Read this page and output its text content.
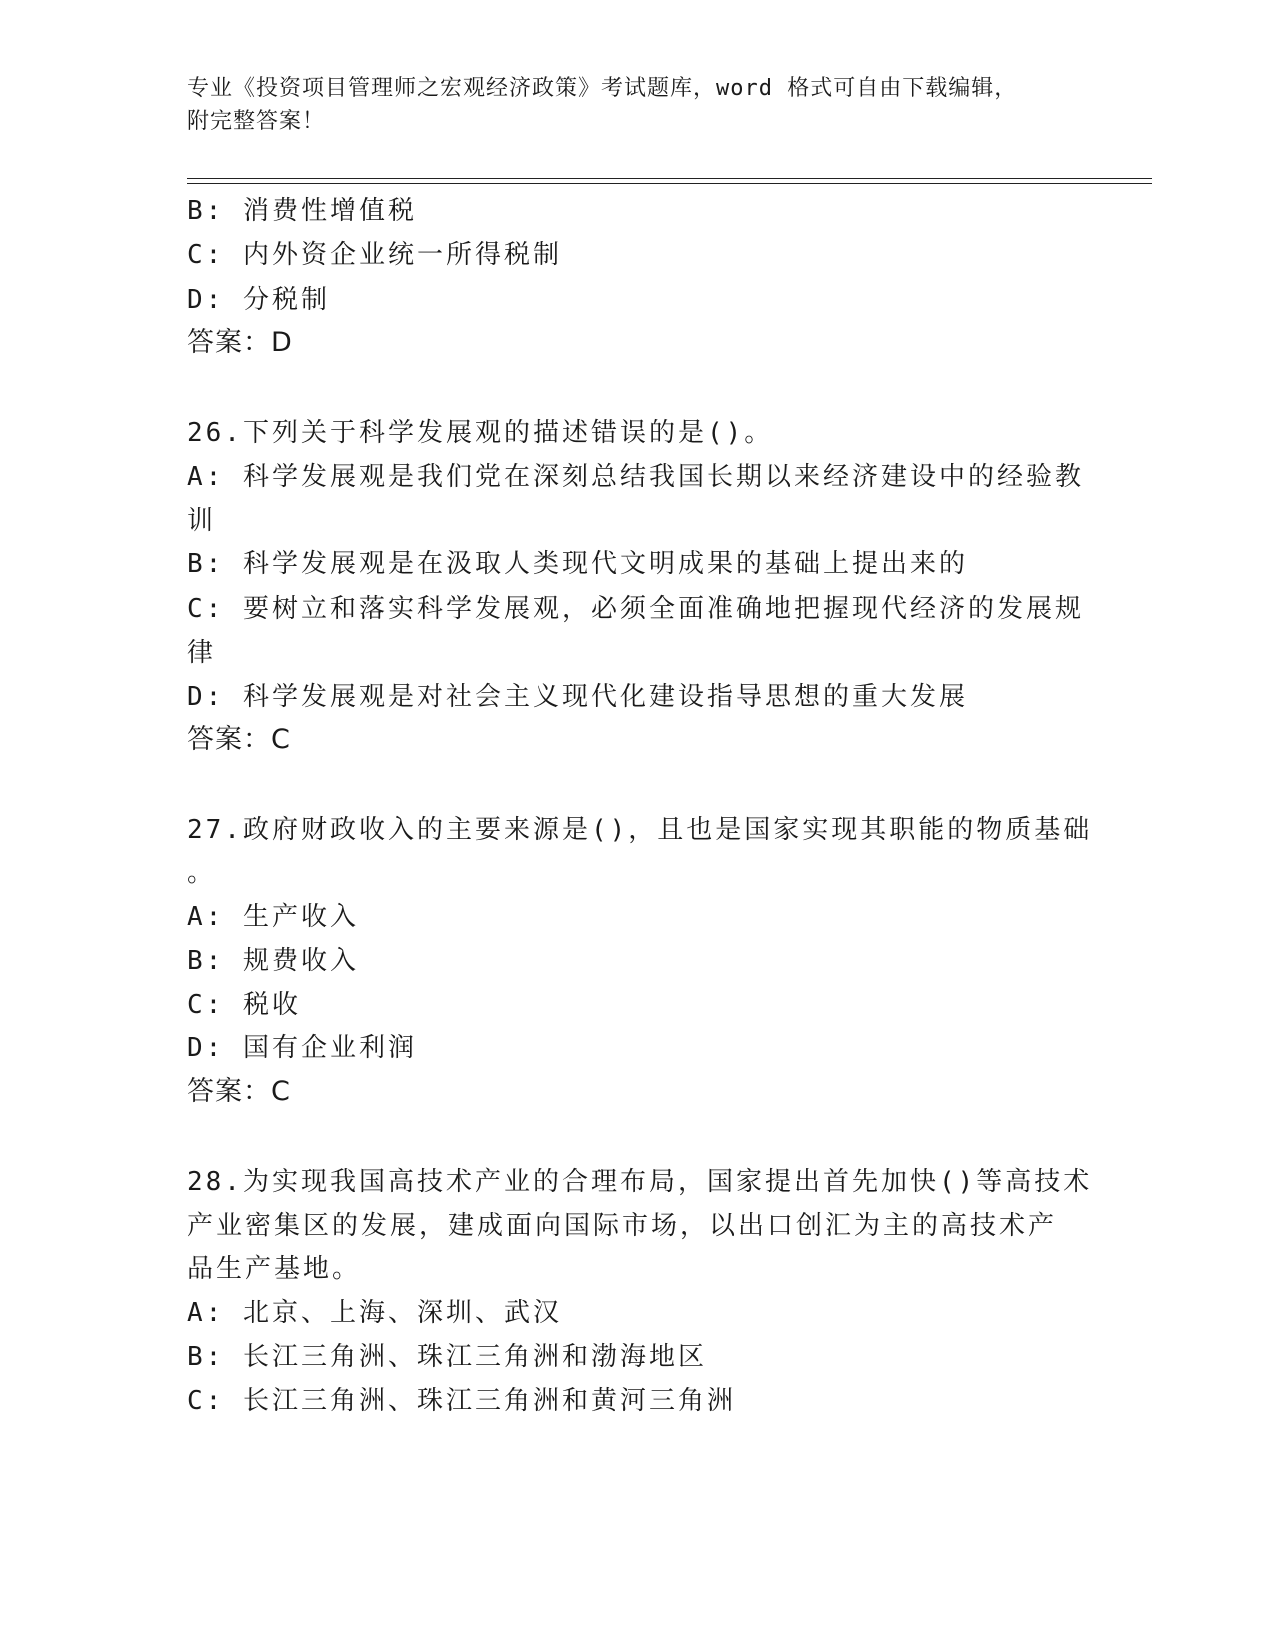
专业《投资项目管理师之宏观经济政策》考试题库，word 格式可自由下载编辑，
附完整答案！
B: 消费性增值税
C: 内外资企业统一所得税制
D: 分税制
答案：D
26.下列关于科学发展观的描述错误的是()。
A: 科学发展观是我们党在深刻总结我国长期以来经济建设中的经验教
训
B: 科学发展观是在汲取人类现代文明成果的基础上提出来的
C: 要树立和落实科学发展观，必须全面准确地把握现代经济的发展规
律
D: 科学发展观是对社会主义现代化建设指导思想的重大发展
答案：C
27.政府财政收入的主要来源是()，且也是国家实现其职能的物质基础
。
A: 生产收入
B: 规费收入
C: 税收
D: 国有企业利润
答案：C
28.为实现我国高技术产业的合理布局，国家提出首先加快()等高技术
产业密集区的发展，建成面向国际市场，以出口创汇为主的高技术产
品生产基地。
A: 北京、上海、深圳、武汉
B: 长江三角洲、珠江三角洲和渤海地区
C: 长江三角洲、珠江三角洲和黄河三角洲
